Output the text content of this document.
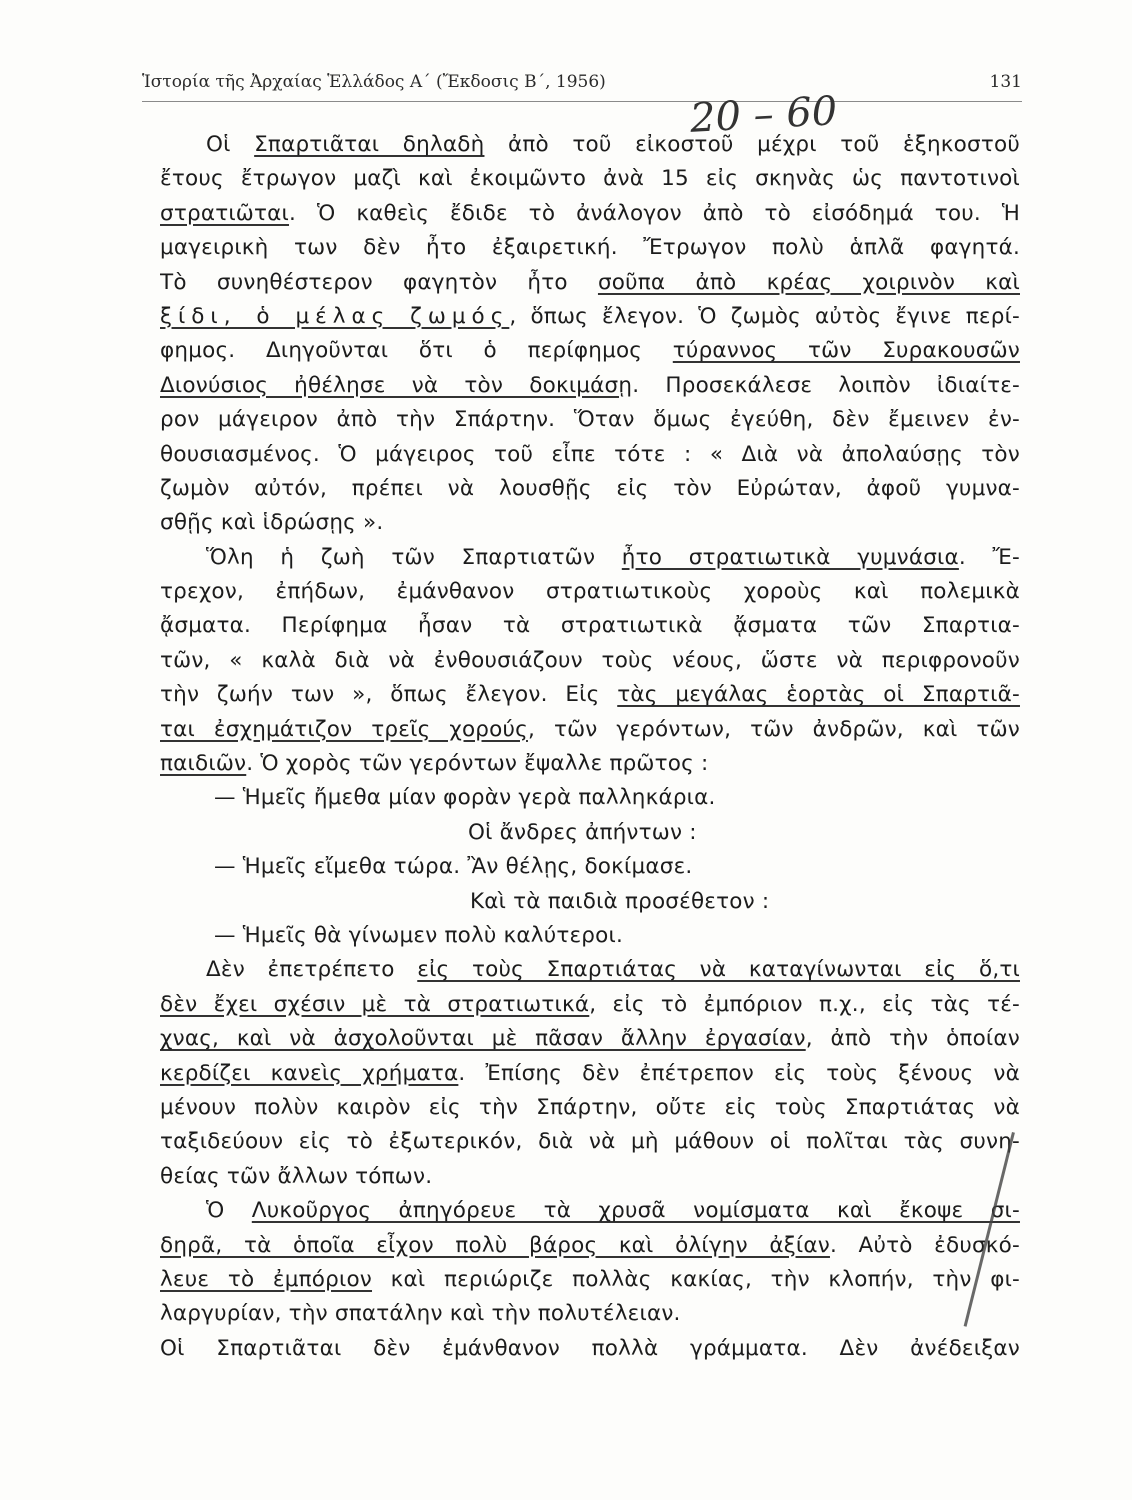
Ἱστορία τῆς Ἀρχαίας Ἑλλάδος Α΄ (Ἔκδοσις Β΄, 1956)	131
20 – 60
Οἱ Σπαρτιᾶται δηλαδὴ ἀπὸ τοῦ εἰκοστοῦ μέχρι τοῦ ἑξηκοστοῦ
ἔτους ἔτρωγον μαζὶ καὶ ἐκοιμῶντο ἀνὰ 15 εἰς σκηνὰς ὡς παντοτινοὶ
στρατιῶται. Ὁ καθεὶς ἔδιδε τὸ ἀνάλογον ἀπὸ τὸ εἰσόδημά του. Ἡ
μαγειρικὴ των δὲν ἦτο ἐξαιρετική. Ἔτρωγον πολὺ ἁπλᾶ φαγητά.
Τὸ συνηθέστερον φαγητὸν ἦτο σοῦπα ἀπὸ κρέας χοιρινὸν καὶ
ξίδι, ὁ μέλας ζωμός, ὅπως ἔλεγον. Ὁ ζωμὸς αὐτὸς ἔγινε περί-
φημος. Διηγοῦνται ὅτι ὁ περίφημος τύραννος τῶν Συρακουσῶν
Διονύσιος ἠθέλησε νὰ τὸν δοκιμάσῃ. Προσεκάλεσε λοιπὸν ἰδιαίτε-
ρον μάγειρον ἀπὸ τὴν Σπάρτην. Ὅταν ὅμως ἐγεύθη, δὲν ἔμεινεν ἐν-
θουσιασμένος. Ὁ μάγειρος τοῦ εἶπε τότε : « Διὰ νὰ ἀπολαύσῃς τὸν
ζωμὸν αὐτόν, πρέπει νὰ λουσθῇς εἰς τὸν Εὐρώταν, ἀφοῦ γυμνα-
σθῇς καὶ ἱδρώσῃς ».
Ὅλη ἡ ζωὴ τῶν Σπαρτιατῶν ἦτο στρατιωτικὰ γυμνάσια. Ἔ-
τρεχον, ἐπήδων, ἐμάνθανον στρατιωτικοὺς χοροὺς καὶ πολεμικὰ
ᾄσματα. Περίφημα ἦσαν τὰ στρατιωτικὰ ᾄσματα τῶν Σπαρτια-
τῶν, « καλὰ διὰ νὰ ἐνθουσιάζουν τοὺς νέους, ὥστε νὰ περιφρονοῦν
τὴν ζωήν των », ὅπως ἔλεγον. Εἰς τὰς μεγάλας ἑορτὰς οἱ Σπαρτιᾶ-
ται ἐσχημάτιζον τρεῖς χορούς, τῶν γερόντων, τῶν ἀνδρῶν, καὶ τῶν
παιδιῶν. Ὁ χορὸς τῶν γερόντων ἔψαλλε πρῶτος :
— Ἡμεῖς ἤμεθα μίαν φορὰν γερὰ παλληκάρια.
Οἱ ἄνδρες ἀπήντων :
— Ἡμεῖς εἴμεθα τώρα. Ἂν θέλῃς, δοκίμασε.
Καὶ τὰ παιδιὰ προσέθετον :
— Ἡμεῖς θὰ γίνωμεν πολὺ καλύτεροι.
Δὲν ἐπετρέπετο εἰς τοὺς Σπαρτιάτας νὰ καταγίνωνται εἰς ὅ,τι
δὲν ἔχει σχέσιν μὲ τὰ στρατιωτικά, εἰς τὸ ἐμπόριον π.χ., εἰς τὰς τέ-
χνας, καὶ νὰ ἀσχολοῦνται μὲ πᾶσαν ἄλλην ἐργασίαν, ἀπὸ τὴν ὁποίαν
κερδίζει κανεὶς χρήματα. Ἐπίσης δὲν ἐπέτρεπον εἰς τοὺς ξένους νὰ
μένουν πολὺν καιρὸν εἰς τὴν Σπάρτην, οὔτε εἰς τοὺς Σπαρτιάτας νὰ
ταξιδεύουν εἰς τὸ ἐξωτερικόν, διὰ νὰ μὴ μάθουν οἱ πολῖται τὰς συνη-
θείας τῶν ἄλλων τόπων.
Ὁ Λυκοῦργος ἀπηγόρευε τὰ χρυσᾶ νομίσματα καὶ ἔκοψε σι-
δηρᾶ, τὰ ὁποῖα εἶχον πολὺ βάρος καὶ ὀλίγην ἀξίαν. Αὐτὸ ἐδυσκό-
λευε τὸ ἐμπόριον καὶ περιώριζε πολλὰς κακίας, τὴν κλοπήν, τὴν φι-
λαργυρίαν, τὴν σπατάλην καὶ τὴν πολυτέλειαν.
Οἱ Σπαρτιᾶται δὲν ἐμάνθανον πολλὰ γράμματα. Δὲν ἀνέδειξαν
